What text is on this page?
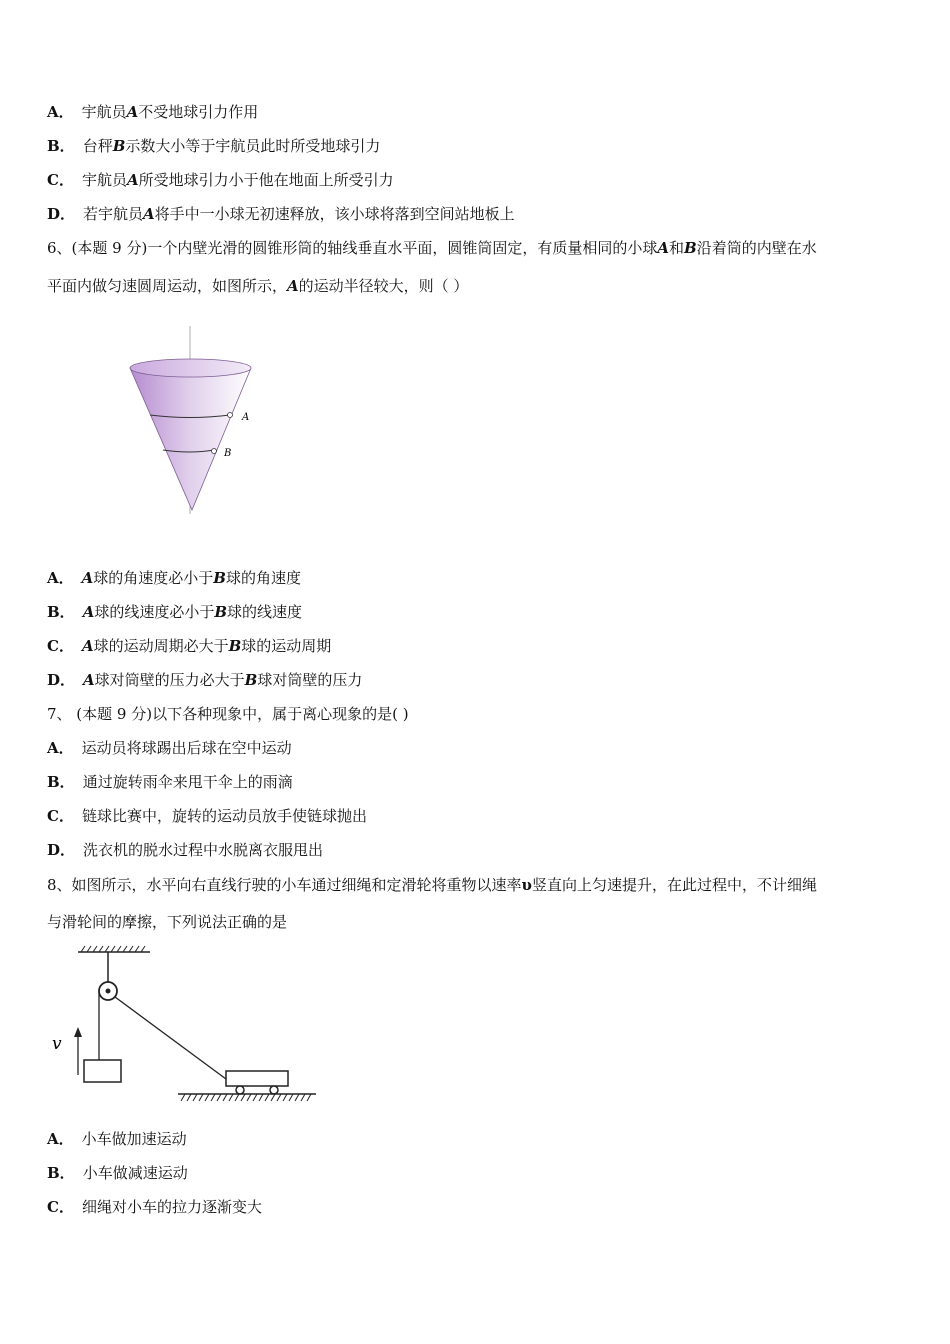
A． 宇航员A不受地球引力作用
B． 台秤B示数大小等于宇航员此时所受地球引力
C． 宇航员A所受地球引力小于他在地面上所受引力
D． 若宇航员A将手中一小球无初速释放，该小球将落到空间站地板上
6、(本题 9 分)一个内壁光滑的圆锥形筒的轴线垂直水平面，圆锥筒固定，有质量相同的小球A和B沿着筒的内壁在水
平面内做匀速圆周运动，如图所示，A的运动半径较大，则（ ）
A
B
A． A球的角速度必小于B球的角速度
B． A球的线速度必小于B球的线速度
C． A球的运动周期必大于B球的运动周期
D． A球对筒壁的压力必大于B球对筒壁的压力
7、 (本题 9 分)以下各种现象中，属于离心现象的是( )
A． 运动员将球踢出后球在空中运动
B． 通过旋转雨伞来甩干伞上的雨滴
C． 链球比赛中，旋转的运动员放手使链球抛出
D． 洗衣机的脱水过程中水脱离衣服甩出
8、如图所示，水平向右直线行驶的小车通过细绳和定滑轮将重物以速率υ竖直向上匀速提升，在此过程中，不计细绳
与滑轮间的摩擦，下列说法正确的是
v
A． 小车做加速运动
B． 小车做减速运动
C． 细绳对小车的拉力逐渐变大
